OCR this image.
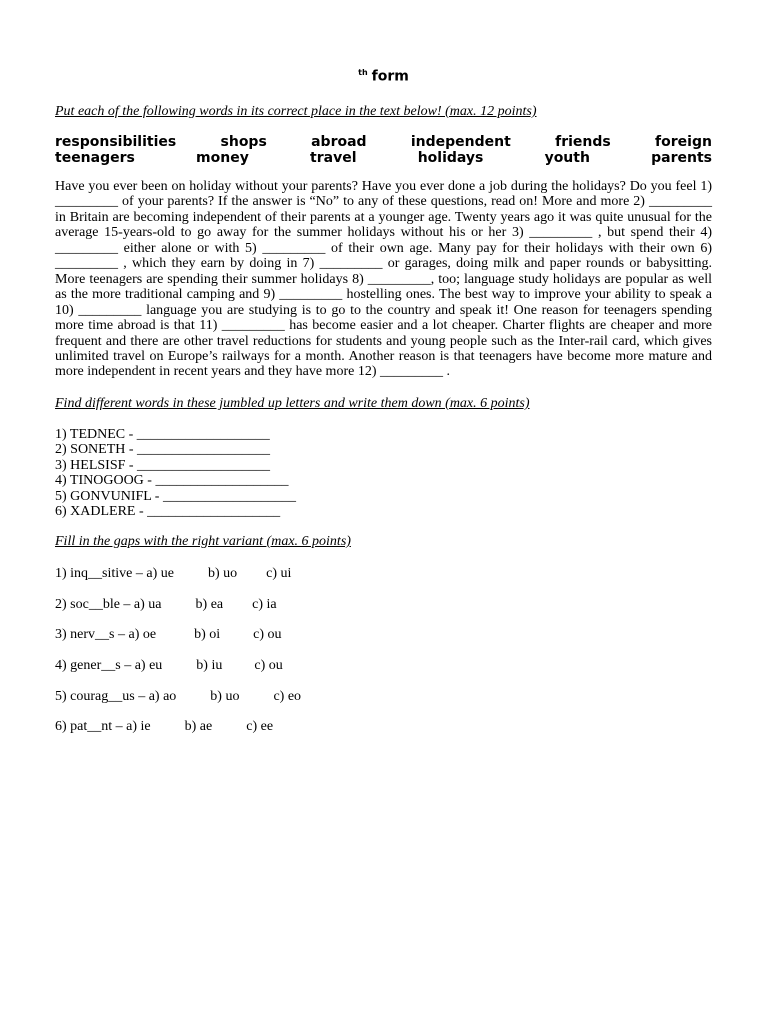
$^{th}$ form
Put each of the following words in its correct place in the text below! (max. 12 points)
responsibilities	shops	abroad	independent	friends	foreign
teenagers	money	travel	holidays	youth	parents

Have you ever been on holiday without your parents? Have you ever done a job during the holidays? Do you feel 1) _________ of your parents? If the answer is “No” to any of these questions, read on! More and more 2) _________ in Britain are becoming independent of their parents at a younger age. Twenty years ago it was quite unusual for the average 15-years-old to go away for the summer holidays without his or her 3) _________ , but spend their 4) _________ either alone or with 5) _________ of their own age. Many pay for their holidays with their own 6) _________ , which they earn by doing in 7) _________ or garages, doing milk and paper rounds or babysitting. More teenagers are spending their summer holidays 8) _________, too; language study holidays are popular as well as the more traditional camping and 9) _________ hostelling ones. The best way to improve your ability to speak a 10) _________ language you are studying is to go to the country and speak it! One reason for teenagers spending more time abroad is that 11) _________ has become easier and a lot cheaper. Charter flights are cheaper and more frequent and there are other travel reductions for students and young people such as the Inter-rail card, which gives unlimited travel on Europe’s railways for a month. Another reason is that teenagers have become more mature and more independent in recent years and they have more 12) _________ .

Find different words in these jumbled up letters and write them down (max. 6 points)
1) TEDNEC - ___________________
2) SONETH - ___________________
3) HELSISF - ___________________
4) TINOGOOG - ___________________
5) GONVUNIFL - ___________________
6) XADLERE - ___________________
Fill in the gaps with the right variant (max. 6 points)
1) inq__sitive – a) ue b) uo c) ui
2) soc__ble – a) ua b) ea c) ia
3) nerv__s – a) oe	b) oi c) ou
4) gener__s – a) eu b) iu c) ou
5) courag__us – a) ao b) uo c) eo
6) pat__nt – a) ie b) ae c) ee
